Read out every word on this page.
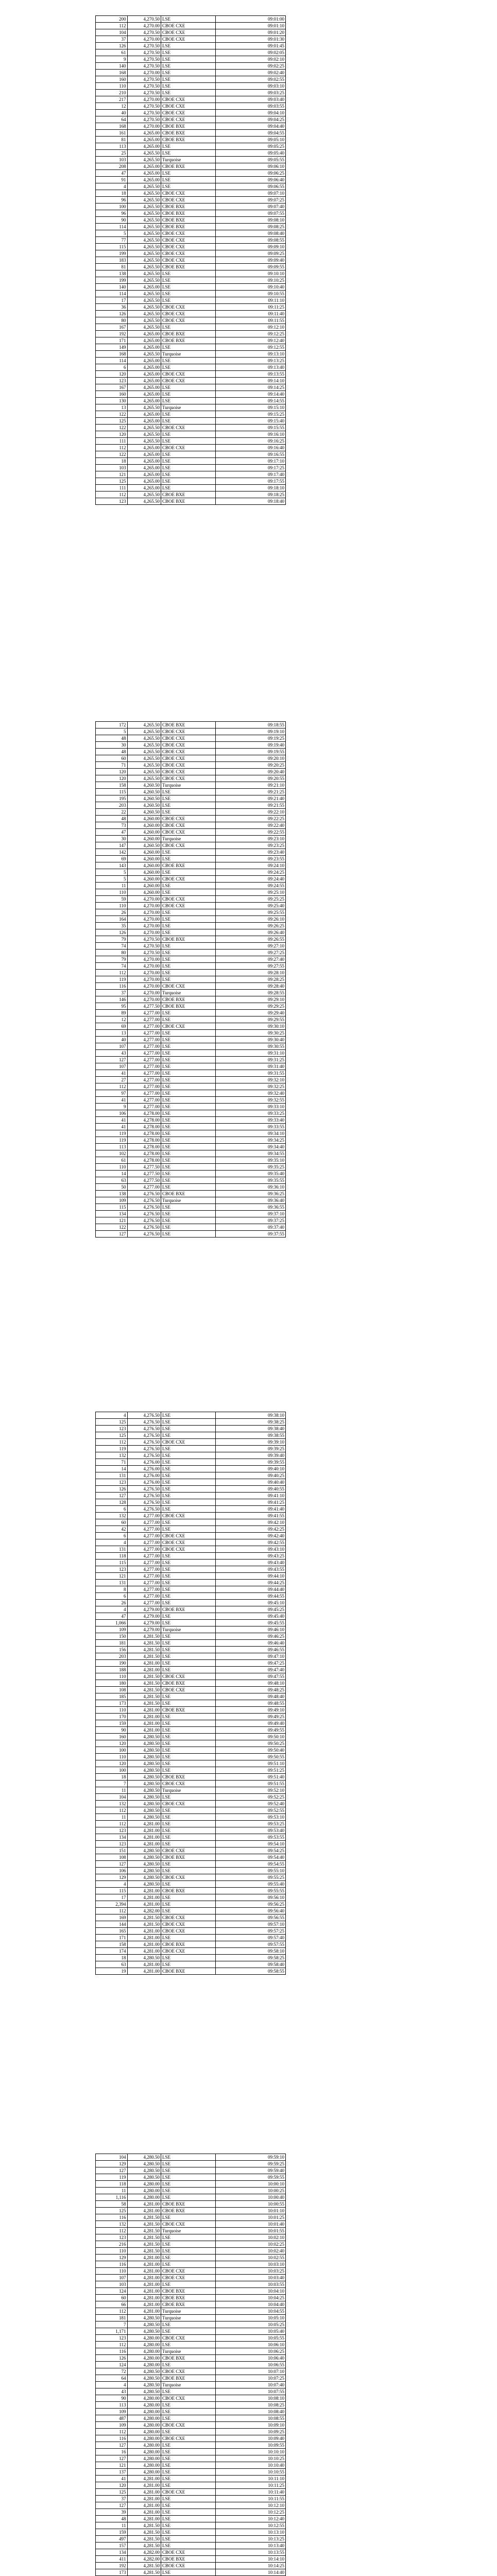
200	4,270.50	LSE	09:01:00
112	4,270.00	CBOE CXE	09:01:10
104	4,270.50	CBOE CXE	09:01:20
37	4,270.00	CBOE CXE	09:01:30
126	4,270.50	LSE	09:01:45
61	4,270.50	LSE	09:02:05
9	4,270.50	LSE	09:02:10
140	4,270.50	LSE	09:02:25
168	4,270.00	LSE	09:02:40
160	4,270.50	LSE	09:02:55
110	4,270.50	LSE	09:03:10
210	4,270.50	LSE	09:03:25
217	4,270.00	CBOE CXE	09:03:40
12	4,270.50	CBOE CXE	09:03:55
40	4,270.50	CBOE CXE	09:04:10
64	4,270.50	CBOE CXE	09:04:25
168	4,270.00	CBOE BXE	09:04:40
161	4,265.00	CBOE BXE	09:04:55
81	4,265.00	CBOE BXE	09:05:10
113	4,265.00	LSE	09:05:25
25	4,265.50	LSE	09:05:40
103	4,265.50	Turquoise	09:05:55
208	4,265.00	CBOE BXE	09:06:10
47	4,265.00	LSE	09:06:25
91	4,265.00	LSE	09:06:40
4	4,265.50	LSE	09:06:55
18	4,265.50	CBOE CXE	09:07:10
96	4,265.50	CBOE CXE	09:07:25
100	4,265.50	CBOE BXE	09:07:40
96	4,265.50	CBOE BXE	09:07:55
90	4,265.50	CBOE BXE	09:08:10
114	4,265.50	CBOE BXE	09:08:25
5	4,265.50	CBOE CXE	09:08:40
77	4,265.50	CBOE CXE	09:08:55
115	4,265.50	CBOE CXE	09:09:10
199	4,265.50	CBOE CXE	09:09:25
183	4,265.50	CBOE CXE	09:09:40
81	4,265.50	CBOE BXE	09:09:55
138	4,265.50	LSE	09:10:10
199	4,265.50	LSE	09:10:25
140	4,265.00	LSE	09:10:40
114	4,265.50	LSE	09:10:55
17	4,265.50	LSE	09:11:10
36	4,265.50	CBOE CXE	09:11:25
126	4,265.50	CBOE CXE	09:11:40
80	4,265.50	CBOE CXE	09:11:55
167	4,265.50	LSE	09:12:10
192	4,265.00	CBOE BXE	09:12:25
171	4,265.00	CBOE BXE	09:12:40
149	4,265.00	LSE	09:12:55
168	4,265.50	Turquoise	09:13:10
114	4,265.00	LSE	09:13:25
6	4,265.00	LSE	09:13:40
120	4,265.00	CBOE CXE	09:13:55
123	4,265.00	CBOE CXE	09:14:10
167	4,265.00	LSE	09:14:25
160	4,265.00	LSE	09:14:40
130	4,265.00	LSE	09:14:55
13	4,265.50	Turquoise	09:15:10
122	4,265.00	LSE	09:15:25
125	4,265.00	LSE	09:15:40
122	4,265.50	CBOE CXE	09:15:55
120	4,265.50	LSE	09:16:10
111	4,265.50	LSE	09:16:25
112	4,265.00	CBOE CXE	09:16:40
122	4,265.00	LSE	09:16:55
18	4,265.00	LSE	09:17:10
103	4,265.00	LSE	09:17:25
121	4,265.00	LSE	09:17:40
125	4,265.00	LSE	09:17:55
111	4,265.00	LSE	09:18:10
112	4,265.50	CBOE BXE	09:18:25
123	4,265.50	CBOE BXE	09:18:40
172	4,265.50	CBOE BXE	09:18:55
5	4,265.50	CBOE CXE	09:19:10
48	4,265.50	CBOE CXE	09:19:25
30	4,265.50	CBOE CXE	09:19:40
48	4,265.50	CBOE CXE	09:19:55
60	4,265.50	CBOE CXE	09:20:10
71	4,265.50	CBOE CXE	09:20:25
120	4,265.50	CBOE CXE	09:20:40
120	4,265.50	CBOE CXE	09:20:55
158	4,260.50	Turquoise	09:21:10
115	4,260.50	LSE	09:21:25
195	4,260.50	LSE	09:21:40
203	4,260.50	LSE	09:21:55
22	4,260.50	LSE	09:22:10
48	4,260.00	CBOE CXE	09:22:25
73	4,260.00	CBOE CXE	09:22:40
47	4,260.00	CBOE CXE	09:22:55
30	4,260.00	Turquoise	09:23:10
147	4,260.50	CBOE CXE	09:23:25
142	4,260.00	LSE	09:23:40
69	4,260.00	LSE	09:23:55
143	4,260.00	CBOE BXE	09:24:10
5	4,260.00	LSE	09:24:25
5	4,260.00	CBOE CXE	09:24:40
11	4,260.00	LSE	09:24:55
110	4,260.00	LSE	09:25:10
59	4,270.00	CBOE CXE	09:25:25
110	4,270.00	CBOE CXE	09:25:40
26	4,270.00	LSE	09:25:55
164	4,270.00	LSE	09:26:10
35	4,270.00	LSE	09:26:25
126	4,270.00	LSE	09:26:40
79	4,270.50	CBOE BXE	09:26:55
74	4,270.50	LSE	09:27:10
80	4,270.50	LSE	09:27:25
79	4,270.00	LSE	09:27:40
74	4,270.00	LSE	09:27:55
112	4,270.00	LSE	09:28:10
119	4,270.00	LSE	09:28:25
116	4,270.00	CBOE CXE	09:28:40
37	4,270.00	Turquoise	09:28:55
146	4,270.00	CBOE BXE	09:29:10
95	4,277.50	CBOE BXE	09:29:25
89	4,277.00	LSE	09:29:40
12	4,277.00	LSE	09:29:55
69	4,277.00	CBOE CXE	09:30:10
13	4,277.00	LSE	09:30:25
40	4,277.00	LSE	09:30:40
107	4,277.00	LSE	09:30:55
43	4,277.00	LSE	09:31:10
127	4,277.00	LSE	09:31:25
107	4,277.00	LSE	09:31:40
41	4,277.00	LSE	09:31:55
27	4,277.00	LSE	09:32:10
112	4,277.00	LSE	09:32:25
97	4,277.00	LSE	09:32:40
41	4,277.00	LSE	09:32:55
9	4,277.00	LSE	09:33:10
106	4,278.00	LSE	09:33:25
41	4,278.00	LSE	09:33:40
41	4,278.00	LSE	09:33:55
119	4,278.00	LSE	09:34:10
119	4,278.00	LSE	09:34:25
113	4,278.00	LSE	09:34:40
102	4,278.00	LSE	09:34:55
61	4,278.00	LSE	09:35:10
110	4,277.50	LSE	09:35:25
14	4,277.50	LSE	09:35:40
63	4,277.50	LSE	09:35:55
50	4,277.00	LSE	09:36:10
138	4,276.50	CBOE BXE	09:36:25
109	4,276.50	Turquoise	09:36:40
115	4,276.50	LSE	09:36:55
134	4,276.50	LSE	09:37:10
121	4,276.50	LSE	09:37:25
122	4,276.50	LSE	09:37:40
127	4,276.50	LSE	09:37:55
4	4,276.50	LSE	09:38:10
125	4,276.50	LSE	09:38:25
123	4,276.50	LSE	09:38:40
125	4,276.50	LSE	09:38:55
112	4,276.50	CBOE CXE	09:39:10
119	4,276.50	LSE	09:39:25
132	4,276.50	LSE	09:39:40
71	4,276.00	LSE	09:39:55
14	4,276.00	LSE	09:40:10
131	4,276.00	LSE	09:40:25
123	4,276.00	LSE	09:40:40
126	4,276.50	LSE	09:40:55
127	4,276.50	LSE	09:41:10
128	4,276.50	LSE	09:41:25
6	4,276.50	LSE	09:41:40
132	4,277.00	CBOE CXE	09:41:55
60	4,277.00	LSE	09:42:10
42	4,277.00	LSE	09:42:25
6	4,277.00	CBOE CXE	09:42:40
4	4,277.00	CBOE CXE	09:42:55
131	4,277.00	CBOE CXE	09:43:10
118	4,277.00	LSE	09:43:25
115	4,277.00	LSE	09:43:40
123	4,277.00	LSE	09:43:55
121	4,277.00	LSE	09:44:10
131	4,277.00	LSE	09:44:25
8	4,277.00	LSE	09:44:40
6	4,277.00	LSE	09:44:55
26	4,277.00	LSE	09:45:10
4	4,279.00	CBOE BXE	09:45:25
47	4,279.00	LSE	09:45:40
1,066	4,279.00	LSE	09:45:55
109	4,279.00	Turquoise	09:46:10
150	4,281.50	LSE	09:46:25
181	4,281.50	LSE	09:46:40
156	4,281.50	LSE	09:46:55
203	4,281.50	LSE	09:47:10
190	4,281.00	LSE	09:47:25
188	4,281.00	LSE	09:47:40
110	4,281.50	CBOE CXE	09:47:55
180	4,281.50	CBOE BXE	09:48:10
108	4,281.50	CBOE CXE	09:48:25
185	4,281.50	LSE	09:48:40
173	4,281.50	LSE	09:48:55
110	4,281.00	CBOE BXE	09:49:10
170	4,281.00	LSE	09:49:25
159	4,281.00	LSE	09:49:40
90	4,281.00	LSE	09:49:55
160	4,280.50	LSE	09:50:10
120	4,280.50	LSE	09:50:25
100	4,280.50	LSE	09:50:40
110	4,280.50	LSE	09:50:55
120	4,280.50	LSE	09:51:10
100	4,280.50	LSE	09:51:25
18	4,280.50	CBOE BXE	09:51:40
7	4,280.50	CBOE CXE	09:51:55
11	4,280.50	Turquoise	09:52:10
104	4,280.50	LSE	09:52:25
132	4,280.50	CBOE CXE	09:52:40
112	4,280.50	LSE	09:52:55
11	4,280.50	LSE	09:53:10
112	4,281.00	LSE	09:53:25
123	4,281.00	LSE	09:53:40
134	4,281.00	LSE	09:53:55
123	4,281.00	LSE	09:54:10
151	4,280.50	CBOE CXE	09:54:25
108	4,280.50	CBOE BXE	09:54:40
127	4,280.50	LSE	09:54:55
106	4,280.50	LSE	09:55:10
129	4,280.50	CBOE CXE	09:55:25
4	4,280.50	LSE	09:55:40
115	4,281.00	CBOE BXE	09:55:55
17	4,281.00	LSE	09:56:10
2,394	4,281.00	LSE	09:56:25
112	4,282.00	LSE	09:56:40
169	4,281.50	CBOE CXE	09:56:55
144	4,281.50	CBOE CXE	09:57:10
165	4,281.00	CBOE CXE	09:57:25
171	4,281.00	LSE	09:57:40
158	4,281.00	CBOE BXE	09:57:55
174	4,281.00	CBOE CXE	09:58:10
18	4,280.50	LSE	09:58:25
63	4,281.00	LSE	09:58:40
19	4,281.00	CBOE BXE	09:58:55
104	4,280.50	LSE	09:59:10
129	4,280.50	LSE	09:59:25
127	4,280.50	LSE	09:59:40
119	4,280.50	LSE	09:59:55
118	4,280.00	LSE	10:00:10
11	4,280.00	LSE	10:00:25
1,116	4,280.00	LSE	10:00:40
58	4,281.00	CBOE BXE	10:00:55
125	4,281.00	CBOE BXE	10:01:10
116	4,281.50	LSE	10:01:25
132	4,281.50	CBOE CXE	10:01:40
112	4,281.50	Turquoise	10:01:55
123	4,281.50	LSE	10:02:10
216	4,281.50	LSE	10:02:25
110	4,281.50	LSE	10:02:40
129	4,281.00	LSE	10:02:55
116	4,281.00	LSE	10:03:10
110	4,281.00	CBOE CXE	10:03:25
107	4,281.00	CBOE CXE	10:03:40
103	4,281.00	LSE	10:03:55
124	4,281.00	CBOE BXE	10:04:10
60	4,281.00	CBOE BXE	10:04:25
66	4,281.00	CBOE BXE	10:04:40
112	4,281.00	Turquoise	10:04:55
181	4,280.50	Turquoise	10:05:10
7	4,280.50	LSE	10:05:25
1,171	4,280.50	LSE	10:05:40
123	4,280.00	CBOE CXE	10:05:55
112	4,280.00	LSE	10:06:10
116	4,280.00	Turquoise	10:06:25
126	4,280.00	CBOE BXE	10:06:40
124	4,280.00	LSE	10:06:55
72	4,280.50	CBOE CXE	10:07:10
64	4,280.50	CBOE BXE	10:07:25
4	4,280.50	Turquoise	10:07:40
43	4,280.50	LSE	10:07:55
90	4,280.00	CBOE CXE	10:08:10
113	4,280.00	LSE	10:08:25
109	4,280.00	LSE	10:08:40
487	4,280.00	LSE	10:08:55
109	4,280.00	CBOE CXE	10:09:10
112	4,280.00	LSE	10:09:25
116	4,280.00	CBOE CXE	10:09:40
127	4,280.00	LSE	10:09:55
16	4,280.00	LSE	10:10:10
127	4,280.00	LSE	10:10:25
121	4,280.00	LSE	10:10:40
137	4,280.00	LSE	10:10:55
41	4,281.00	LSE	10:11:10
120	4,281.00	LSE	10:11:25
125	4,281.00	CBOE CXE	10:11:40
37	4,281.00	LSE	10:11:55
127	4,281.00	LSE	10:12:10
39	4,281.00	LSE	10:12:25
48	4,281.00	LSE	10:12:40
11	4,281.50	LSE	10:12:55
159	4,281.50	LSE	10:13:10
497	4,281.50	LSE	10:13:25
157	4,281.50	LSE	10:13:40
134	4,282.00	CBOE CXE	10:13:55
411	4,282.00	CBOE BXE	10:14:10
192	4,281.50	CBOE CXE	10:14:25
173	4,281.50	LSE	10:14:40
